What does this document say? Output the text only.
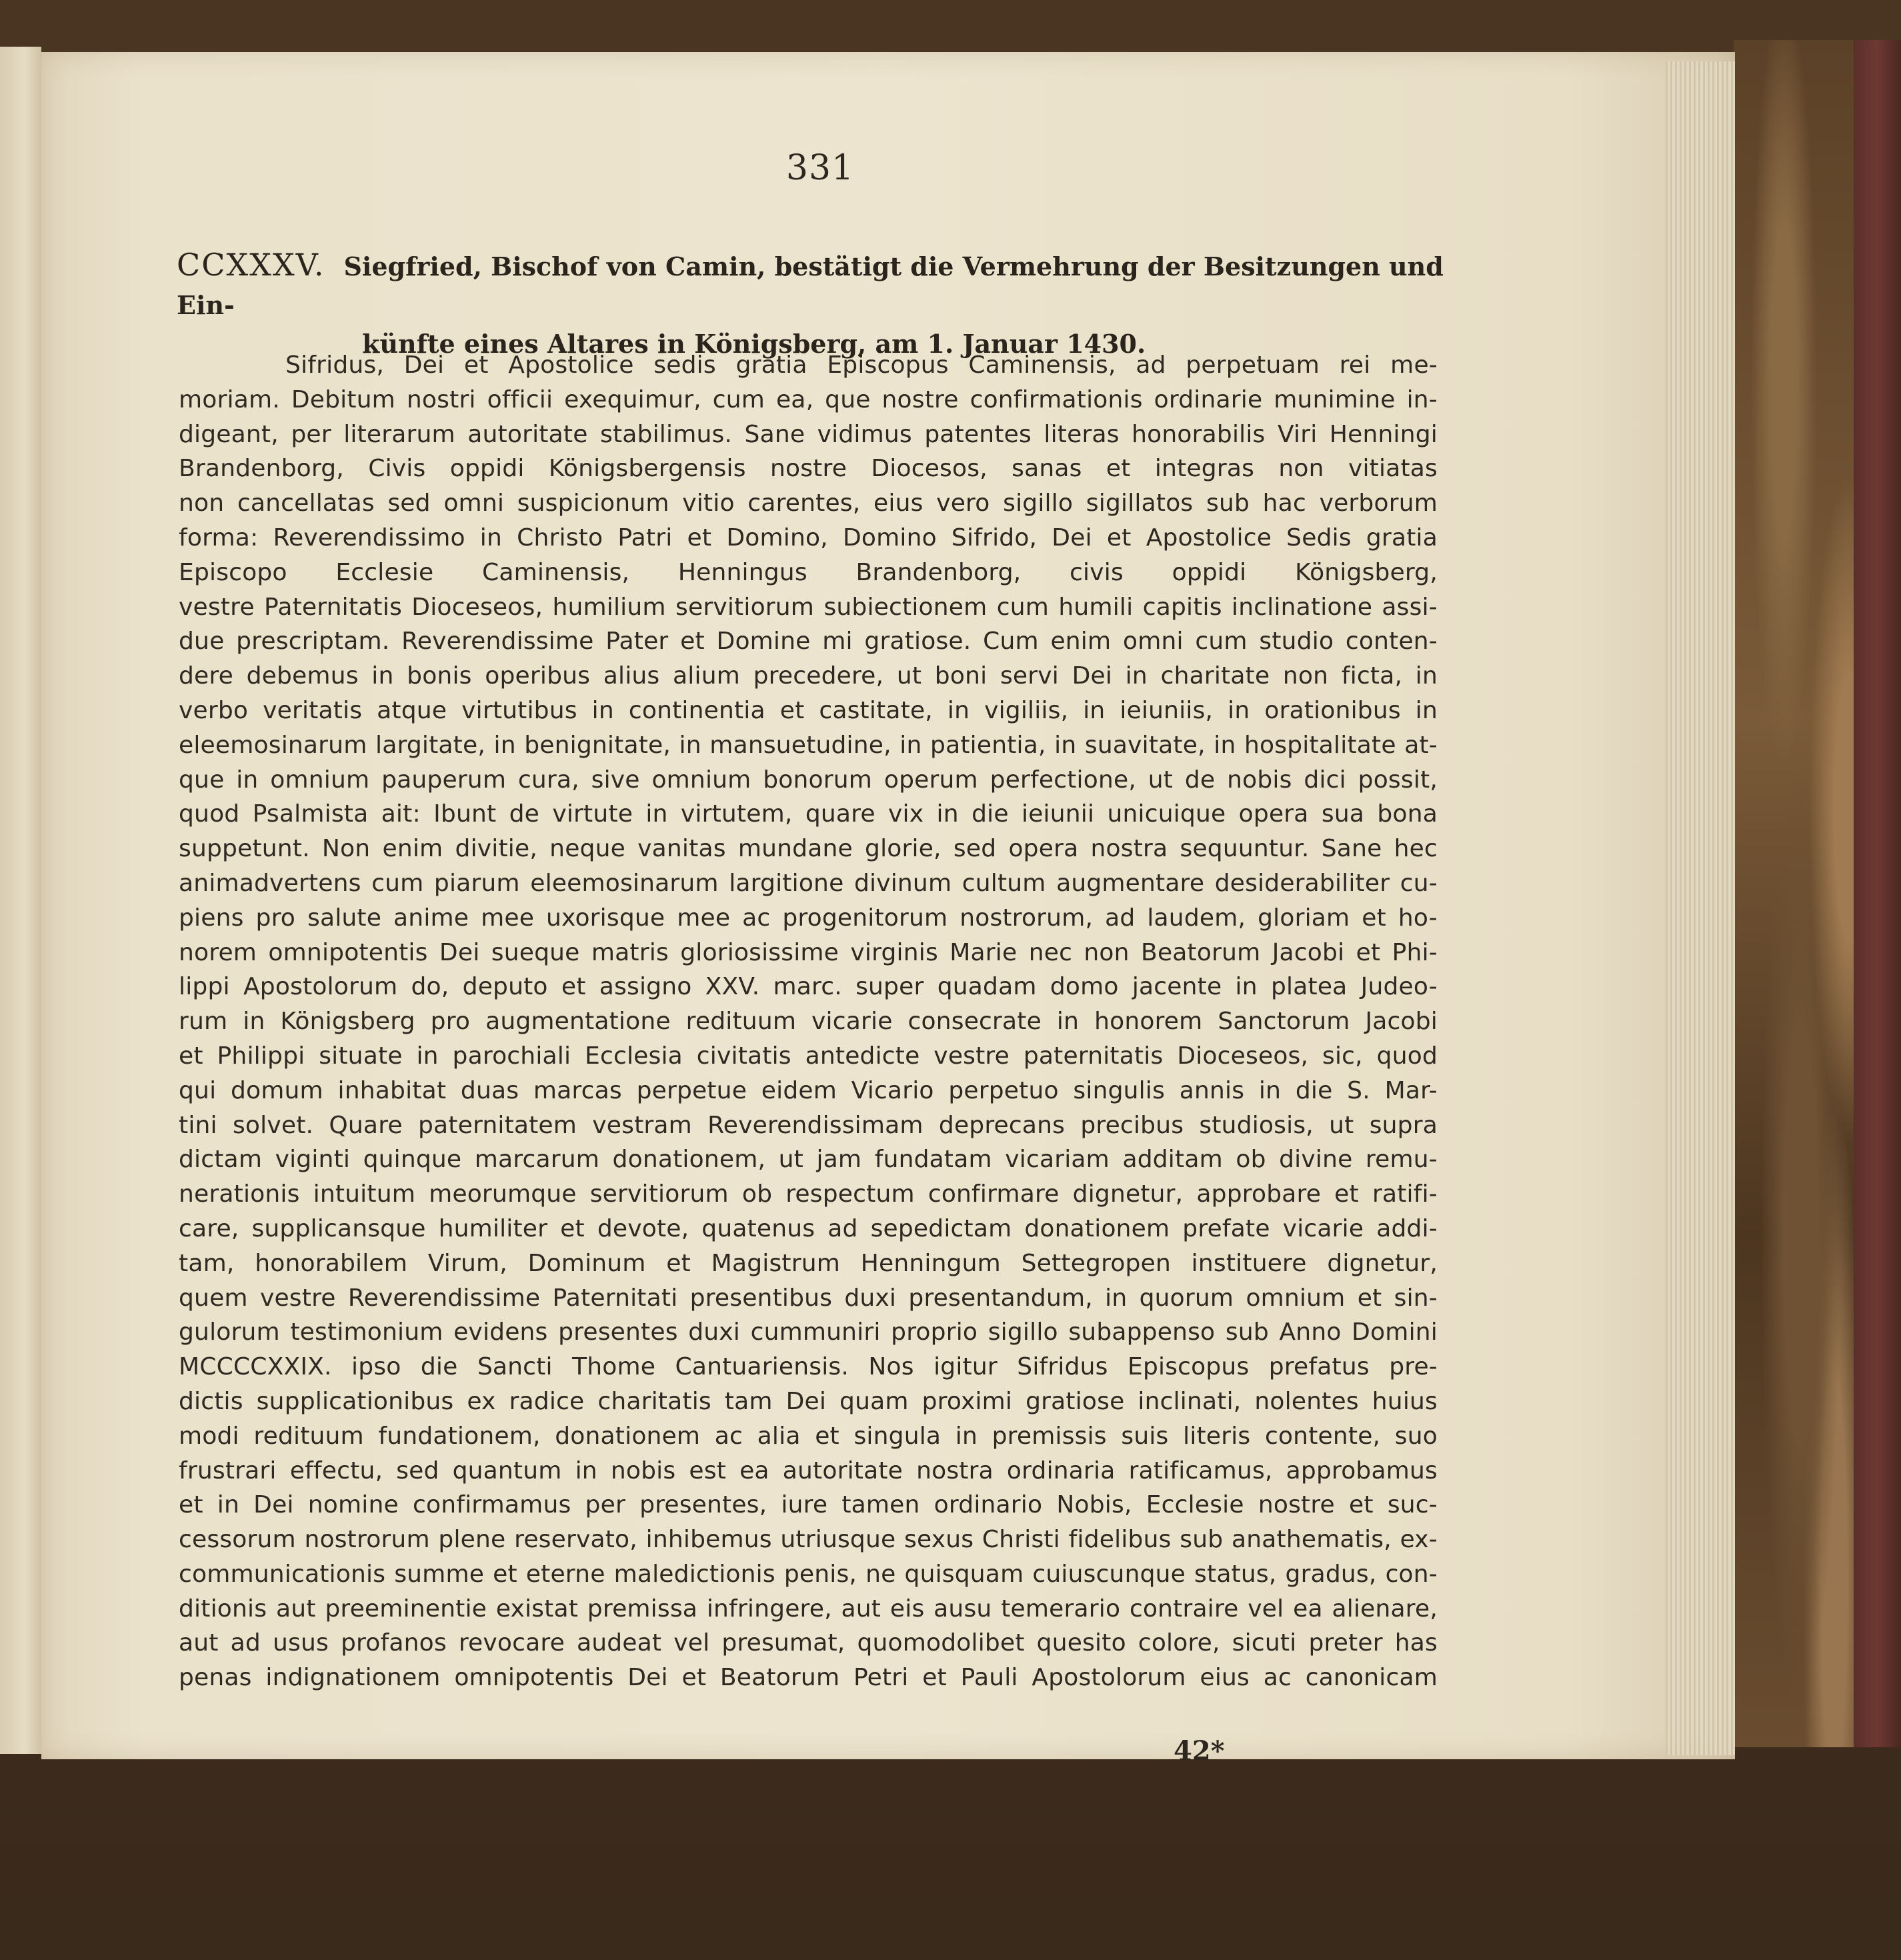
331
CCXXXV. Siegfried, Bischof von Camin, bestätigt die Vermehrung der Besitzungen und Ein-
künfte eines Altares in Königsberg, am 1. Januar 1430.
Sifridus, Dei et Apostolice sedis gratia Episcopus Caminensis, ad perpetuam rei me-
moriam. Debitum nostri officii exequimur, cum ea, que nostre confirmationis ordinarie munimine in-
digeant, per literarum autoritate stabilimus. Sane vidimus patentes literas honorabilis Viri Henningi
Brandenborg, Civis oppidi Königsbergensis nostre Diocesos, sanas et integras non vitiatas
non cancellatas sed omni suspicionum vitio carentes, eius vero sigillo sigillatos sub hac verborum
forma: Reverendissimo in Christo Patri et Domino, Domino Sifrido, Dei et Apostolice Sedis gratia
Episcopo Ecclesie Caminensis, Henningus Brandenborg, civis oppidi Königsberg,
vestre Paternitatis Dioceseos, humilium servitiorum subiectionem cum humili capitis inclinatione assi-
due prescriptam. Reverendissime Pater et Domine mi gratiose. Cum enim omni cum studio conten-
dere debemus in bonis operibus alius alium precedere, ut boni servi Dei in charitate non ficta, in
verbo veritatis atque virtutibus in continentia et castitate, in vigiliis, in ieiuniis, in orationibus in
eleemosinarum largitate, in benignitate, in mansuetudine, in patientia, in suavitate, in hospitalitate at-
que in omnium pauperum cura, sive omnium bonorum operum perfectione, ut de nobis dici possit,
quod Psalmista ait: Ibunt de virtute in virtutem, quare vix in die ieiunii unicuique opera sua bona
suppetunt. Non enim divitie, neque vanitas mundane glorie, sed opera nostra sequuntur. Sane hec
animadvertens cum piarum eleemosinarum largitione divinum cultum augmentare desiderabiliter cu-
piens pro salute anime mee uxorisque mee ac progenitorum nostrorum, ad laudem, gloriam et ho-
norem omnipotentis Dei sueque matris gloriosissime virginis Marie nec non Beatorum Jacobi et Phi-
lippi Apostolorum do, deputo et assigno XXV. marc. super quadam domo jacente in platea Judeo-
rum in Königsberg pro augmentatione redituum vicarie consecrate in honorem Sanctorum Jacobi
et Philippi situate in parochiali Ecclesia civitatis antedicte vestre paternitatis Dioceseos, sic, quod
qui domum inhabitat duas marcas perpetue eidem Vicario perpetuo singulis annis in die S. Mar-
tini solvet. Quare paternitatem vestram Reverendissimam deprecans precibus studiosis, ut supra
dictam viginti quinque marcarum donationem, ut jam fundatam vicariam additam ob divine remu-
nerationis intuitum meorumque servitiorum ob respectum confirmare dignetur, approbare et ratifi-
care, supplicansque humiliter et devote, quatenus ad sepedictam donationem prefate vicarie addi-
tam, honorabilem Virum, Dominum et Magistrum Henningum Settegropen instituere dignetur,
quem vestre Reverendissime Paternitati presentibus duxi presentandum, in quorum omnium et sin-
gulorum testimonium evidens presentes duxi cummuniri proprio sigillo subappenso sub Anno Domini
MCCCCXXIX. ipso die Sancti Thome Cantuariensis. Nos igitur Sifridus Episcopus prefatus pre-
dictis supplicationibus ex radice charitatis tam Dei quam proximi gratiose inclinati, nolentes huius
modi redituum fundationem, donationem ac alia et singula in premissis suis literis contente, suo
frustrari effectu, sed quantum in nobis est ea autoritate nostra ordinaria ratificamus, approbamus
et in Dei nomine confirmamus per presentes, iure tamen ordinario Nobis, Ecclesie nostre et suc-
cessorum nostrorum plene reservato, inhibemus utriusque sexus Christi fidelibus sub anathematis, ex-
communicationis summe et eterne maledictionis penis, ne quisquam cuiuscunque status, gradus, con-
ditionis aut preeminentie existat premissa infringere, aut eis ausu temerario contraire vel ea alienare,
aut ad usus profanos revocare audeat vel presumat, quomodolibet quesito colore, sicuti preter has
penas indignationem omnipotentis Dei et Beatorum Petri et Pauli Apostolorum eius ac canonicam
42*
